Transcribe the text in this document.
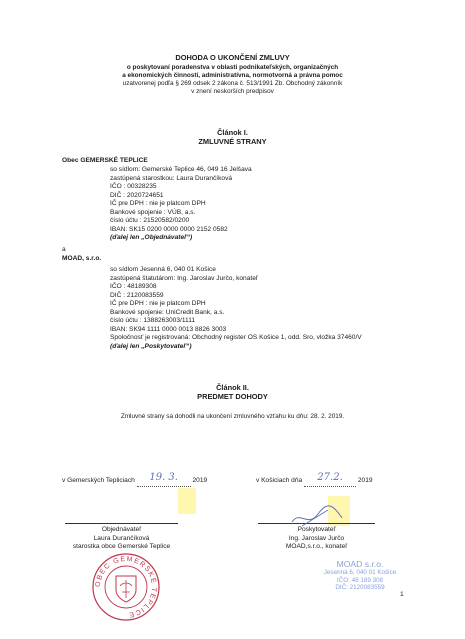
DOHODA O UKONČENÍ ZMLUVY
o poskytovaní poradenstva v oblasti podnikateľských, organizačných
a ekonomických činností, administratívna, normotvorná a právna pomoc
uzatvorenej podľa § 269 odsek 2 zákona č. 513/1991 Zb. Obchodný zákonník
v znení neskorších predpisov
Článok I.
ZMLUVNÉ STRANY
Obec GEMERSKÉ TEPLICE
so sídlom: Gemerské Teplice 46, 049 16 Jelšava
zastúpená starostkou: Laura Durančíková
IČO : 00328235
DIČ : 2020724651
IČ pre DPH : nie je platcom DPH
Bankové spojenie : VÚB, a.s.
číslo účtu : 21520582/0200
IBAN: SK15 0200 0000 0000 2152 0582
(ďalej len „Objednávateľ“)
a
MOAD, s.r.o.
so sídlom Jesenná 6, 040 01 Košice
zastúpená štatutárom: Ing. Jaroslav Jurčo, konateľ
IČO : 48189308
DIČ : 2120083559
IČ pre DPH : nie je platcom DPH
Bankové spojenie: UniCredit Bank, a.s.
číslo účtu : 1388263003/1111
IBAN: SK94 1111 0000 0013 8826 3003
Spoločnosť je registrovaná: Obchodný register OS Košice 1, odd. Sro, vložka 37460/V
(ďalej len „Poskytovateľ“)
Článok II.
PREDMET DOHODY
Zmluvné strany sa dohodli na ukončení zmluvného vzťahu ku dňu: 28. 2. 2019.
v Gemerských Tepliciach 19. 3. 2019	v Košiciach dňa 27.2. 2019
Objednávateľ
Laura Durančíková
starostka obce Gemerské Teplice
Poskytovateľ
Ing. Jaroslav Jurčo
MOAD,s.r.o., konateľ
OBEC GEMERSKÉ TEPLICE
MOAD s.r.o.
Jesenná 6, 040 01 Košice
IČO: 48 189 308
DIČ: 2120083559
1
